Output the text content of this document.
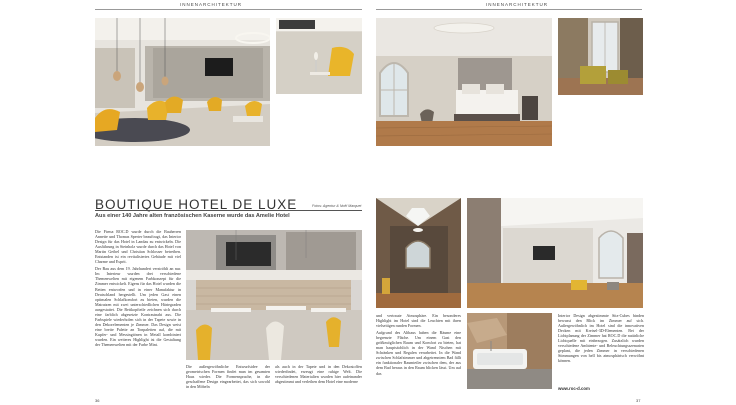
INNENARCHITEKTUR
BOUTIQUE HOTEL DE LUXE	Fotos: Agentur & Noël Marquet
Aus einer 140 Jahre alten französischen Kaserne wurde das Amelie Hotel

Die Firma ROC.D wurde durch die Bauherren Annette und Thomas Sperter beauftragt, das Interior Design für das Hotel in Landau zu entwickeln. Die Ausführung in Steinholz wurde durch das Hotel von Martin Geibel und Christian Schlosser betreiben. Entstanden ist ein revitalisiertes Gebäude mit viel Charme und Esprit.

Der Bau aus dem 19. Jahrhundert verströhlt an nur. Im Interieur wurden drei verschiedene Themenwelten mit eigenem Farbkonzept für die Zimmer entwickelt. Eigens für das Hotel wurden die Betten entworfen und in einer Manufaktur in Deutschland hergestellt. Um jeden Gast einen optimalen Schlafkomfort zu bieten, wurden die Matratzen mit zwei unterschiedlichen Härtegraden ausgestattet. Die Bettkopfteile zeichnen sich durch eine farblich abgesetzte Kontrastnaht aus. Die Farbspiele wiederholen sich in der Tapete sowie in den Dekorelementen je Zimmer. Das Design weist eine breite Palette an Tonpaletten auf, die mit Kupfer- und Messingtönen in Metall kombiniert wurden. Ein weiteres Highlight ist die Gestaltung der Themenwelten mit der Farbe Mint.

Die außergewöhnliche Entwurfsidee der geometrischen Formen findet man im gesamten Haus wieder. Die Formensprache, in die geschaffene Design eingearbeitet, das sich sowohl in den Möbeln

als auch in der Tapete und in den Dekostoffen wiederfindet, erzeugt eine ruhige Welt. Die verschiedenen Materialien wurden hier aufeinander abgestimmt und verleihen dem Hotel eine moderne

36
INNENARCHITEKTUR

und vertraute Atmosphäre. Ein besonderes Highlight im Hotel sind die Leuchten mit ihren vielseitigen runden Formen.

Aufgrund des Altbaus haben die Räume eine begrenzte Fläche. Um einem Gast den größtmöglichen Raum und Komfort zu bieten, hat man hauptsächlich in der Wand Nischen mit Schränken und Regalen verarbeitet. In die Wand zwischen Schlafzimmer und abgetrenntem Bad fällt ein funktionaler Raumteiler zwischen dem, der aus dem Bad heraus in den Raum blicken lässt. Um auf das

Interior Design abgestimmte Sitz-Cubes binden bewusst den Blick im Zimmer auf sich. Außergewöhnlich im Hotel sind die innovativen Decken mit Kreisel-3D-Elementen. Bei der Lichtplanung der Zimmer hat ROC.D die natürliche Lichtquelle mit einbezogen. Zusätzlich wurden verschiedene Ambiente- und Beleuchtungsszenarien geplant, die jeden Zimmer in verschiedenen Stimmungen von hell bis atmosphärisch verwöhnt können.

www.roc-d.com
37
